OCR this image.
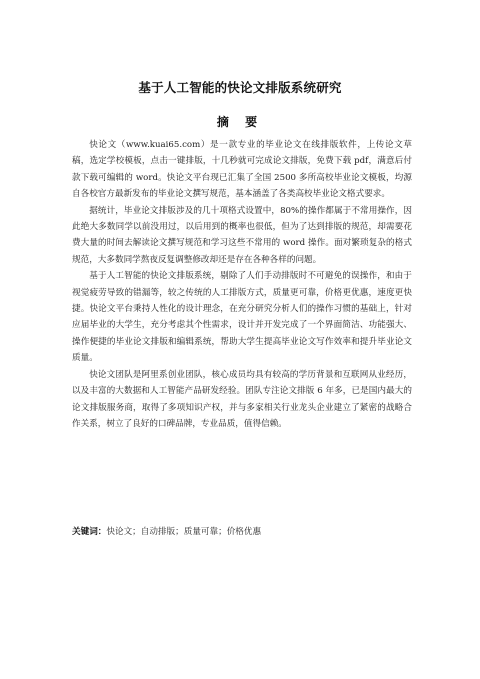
基于人工智能的快论文排版系统研究
摘 要

快论文（www.kuai65.com）是一款专业的毕业论文在线排版软件，上传论文草稿，选定学校模板，点击一键排版，十几秒就可完成论文排版，免费下载 pdf，满意后付款下载可编辑的 word。快论文平台现已汇集了全国 2500 多所高校毕业论文模板，均源自各校官方最新发布的毕业论文撰写规范，基本涵盖了各类高校毕业论文格式要求。

据统计，毕业论文排版涉及的几十项格式设置中，80%的操作都属于不常用操作，因此绝大多数同学以前没用过，以后用到的概率也很低，但为了达到排版的规范，却需要花费大量的时间去解读论文撰写规范和学习这些不常用的 word 操作。面对繁琐复杂的格式规范，大多数同学熬夜反复调整修改却还是存在各种各样的问题。

基于人工智能的快论文排版系统，剔除了人们手动排版时不可避免的误操作，和由于视觉疲劳导致的错漏等，较之传统的人工排版方式，质量更可靠，价格更优惠，速度更快捷。快论文平台秉持人性化的设计理念，在充分研究分析人们的操作习惯的基础上，针对应届毕业的大学生，充分考虑其个性需求，设计并开发完成了一个界面简洁、功能强大、操作便捷的毕业论文排版和编辑系统，帮助大学生提高毕业论文写作效率和提升毕业论文质量。

快论文团队是阿里系创业团队，核心成员均具有较高的学历背景和互联网从业经历，以及丰富的大数据和人工智能产品研发经验。团队专注论文排版 6 年多，已是国内最大的论文排版服务商，取得了多项知识产权，并与多家相关行业龙头企业建立了紧密的战略合作关系，树立了良好的口碑品牌，专业品质，值得信赖。

关键词：快论文；自动排版；质量可靠；价格优惠
